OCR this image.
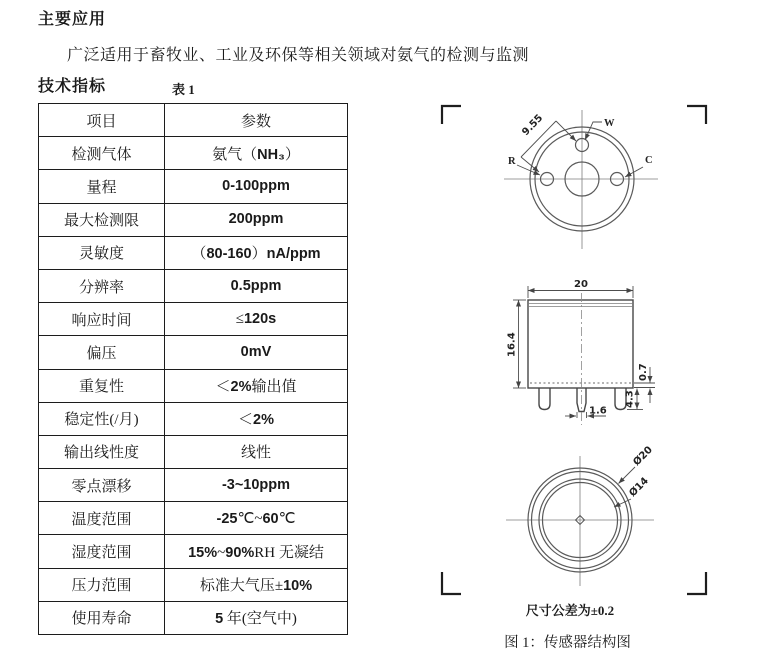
主要应用
广泛适用于畜牧业、工业及环保等相关领域对氨气的检测与监测
技术指标	表 1
项目	参数
检测气体	氨气（NH₃）
量程	0-100ppm
最大检测限	200ppm
灵敏度	（80-160）nA/ppm
分辨率	0.5ppm
响应时间	≤120s
偏压	0mV
重复性	＜2%输出值
稳定性(/月)	＜2%
输出线性度	线性
零点漂移	-3~10ppm
温度范围	-25℃~60℃
湿度范围	15%~90%RH 无凝结
压力范围	标准大气压±10%
使用寿命	5 年(空气中)
9.55	W
R	C
20
16.4
0.7
4.3
1.6
Ø20
Ø14
尺寸公差为±0.2
图 1：传感器结构图
